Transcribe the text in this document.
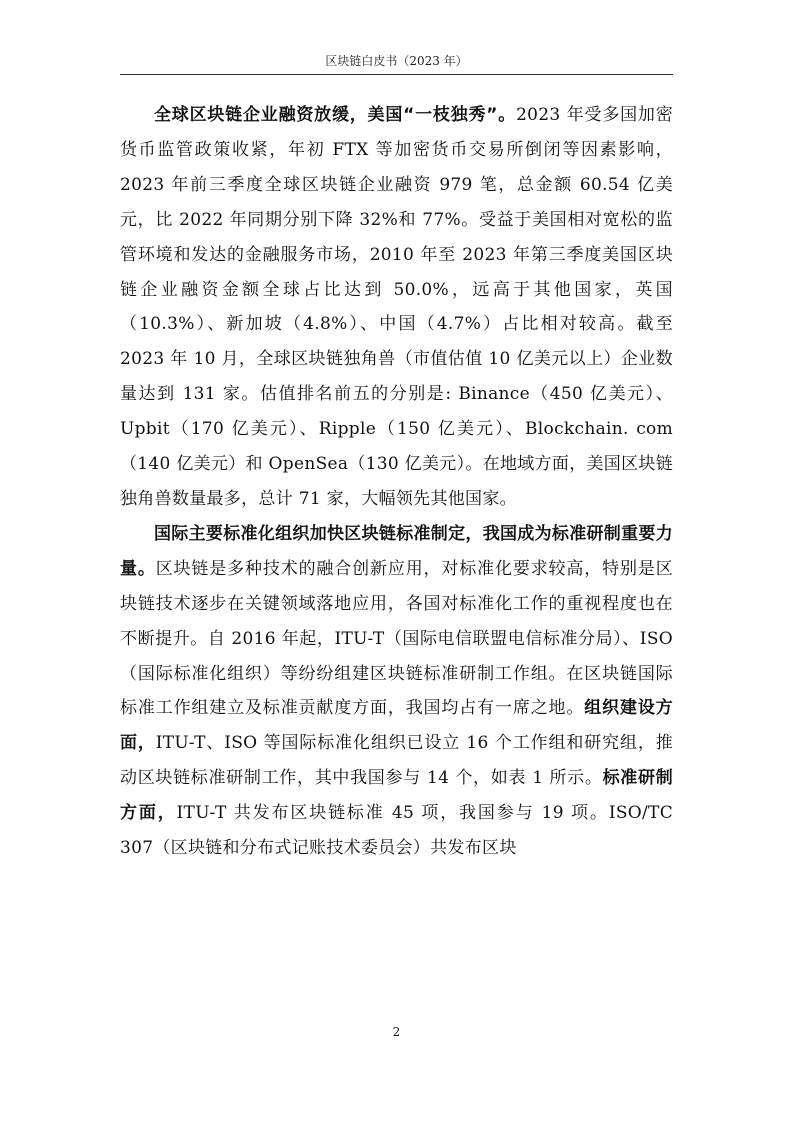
区块链白皮书（2023 年）

全球区块链企业融资放缓，美国“一枝独秀”。2023 年受多国加密货币监管政策收紧，年初 FTX 等加密货币交易所倒闭等因素影响，2023 年前三季度全球区块链企业融资 979 笔，总金额 60.54 亿美元，比 2022 年同期分别下降 32%和 77%。受益于美国相对宽松的监管环境和发达的金融服务市场，2010 年至 2023 年第三季度美国区块链企业融资金额全球占比达到 50.0%，远高于其他国家，英国（10.3%）、新加坡（4.8%）、中国（4.7%）占比相对较高。截至 2023 年 10 月，全球区块链独角兽（市值估值 10 亿美元以上）企业数量达到 131 家。估值排名前五的分别是: Binance（450 亿美元）、Upbit（170 亿美元）、Ripple（150 亿美元）、Blockchain. com（140 亿美元）和 OpenSea（130 亿美元）。在地域方面，美国区块链独角兽数量最多，总计 71 家，大幅领先其他国家。

国际主要标准化组织加快区块链标准制定，我国成为标准研制重要力量。区块链是多种技术的融合创新应用，对标准化要求较高，特别是区块链技术逐步在关键领域落地应用，各国对标准化工作的重视程度也在不断提升。自 2016 年起，ITU-T（国际电信联盟电信标准分局）、ISO（国际标准化组织）等纷纷组建区块链标准研制工作组。在区块链国际标准工作组建立及标准贡献度方面，我国均占有一席之地。组织建设方面，ITU-T、ISO 等国际标准化组织已设立 16 个工作组和研究组，推动区块链标准研制工作，其中我国参与 14 个，如表 1 所示。标准研制方面，ITU-T 共发布区块链标准 45 项，我国参与 19 项。ISO/TC 307（区块链和分布式记账技术委员会）共发布区块

2
